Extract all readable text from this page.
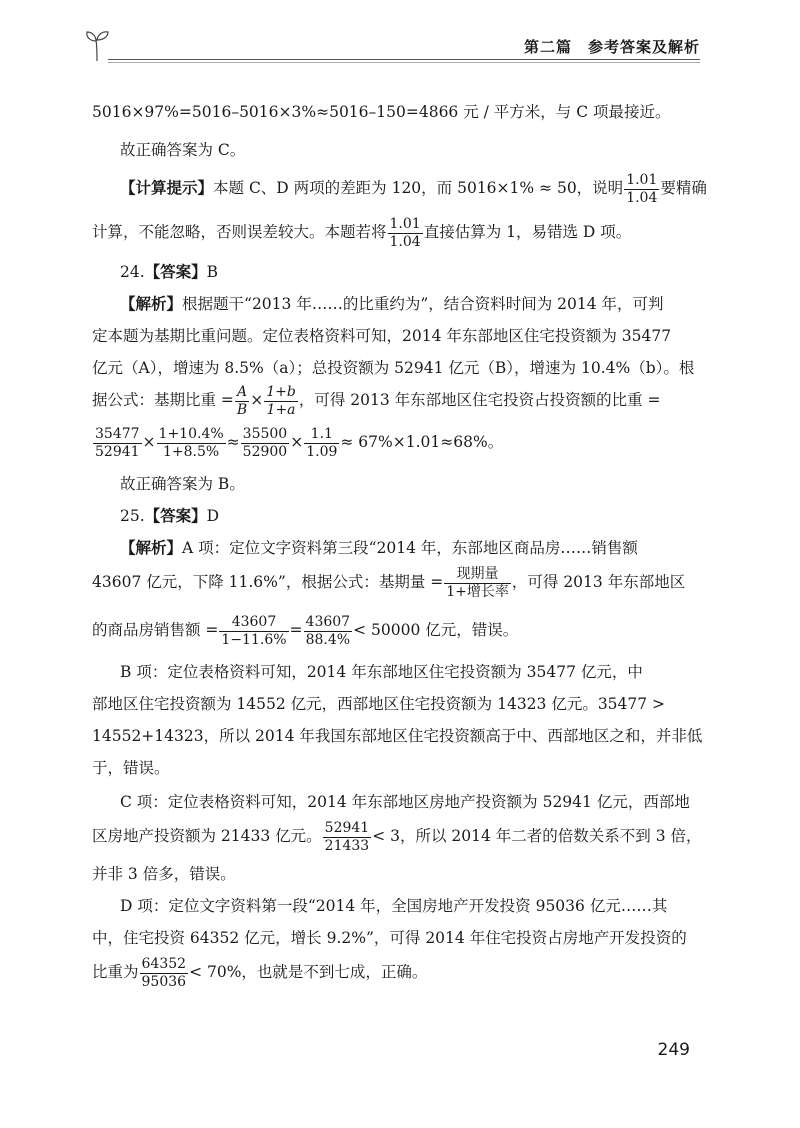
第二篇　参考答案及解析

5016×97%=5016–5016×3%≈5016–150=4866 元 / 平方米，与 C 项最接近。

故正确答案为 C。

【计算提示】本题 C、D 两项的差距为 120，而 5016×1% ≈ 50，说明 $\frac{1.01}{1.04}$ 要精确

计算，不能忽略，否则误差较大。本题若将 $\frac{1.01}{1.04}$ 直接估算为 1，易错选 D 项。

24.【答案】B

【解析】根据题干“2013 年……的比重约为”，结合资料时间为 2014 年，可判

定本题为基期比重问题。定位表格资料可知，2014 年东部地区住宅投资额为 35477

亿元（A），增速为 8.5%（a）；总投资额为 52941 亿元（B），增速为 10.4%（b）。根

据公式：基期比重 = $\frac{A}{B} \times \frac{1+b}{1+a}$ ，可得 2013 年东部地区住宅投资占投资额的比重 =

$\frac{35477}{52941} \times \frac{1+10.4\%}{1+8.5\%} \approx \frac{35500}{52900} \times \frac{1.1}{1.09} \approx 67\%\times 1.01\approx 68\%$。

故正确答案为 B。

25.【答案】D

【解析】A 项：定位文字资料第三段“2014 年，东部地区商品房……销售额

43607 亿元，下降 11.6%”，根据公式：基期量 = $\frac{\text{现期量}}{\text{1+增长率}}$ ，可得 2013 年东部地区

的商品房销售额 = $\frac{43607}{1-11.6\%} = \frac{43607}{88.4\%} < 50000$ 亿元，错误。

B 项：定位表格资料可知，2014 年东部地区住宅投资额为 35477 亿元，中

部地区住宅投资额为 14552 亿元，西部地区住宅投资额为 14323 亿元。35477 >

14552+14323，所以 2014 年我国东部地区住宅投资额高于中、西部地区之和，并非低

于，错误。

C 项：定位表格资料可知，2014 年东部地区房地产投资额为 52941 亿元，西部地

区房地产投资额为 21433 亿元。 $\frac{52941}{21433} < 3$，所以 2014 年二者的倍数关系不到 3 倍，

并非 3 倍多，错误。

D 项：定位文字资料第一段“2014 年，全国房地产开发投资 95036 亿元……其

中，住宅投资 64352 亿元，增长 9.2%”，可得 2014 年住宅投资占房地产开发投资的

比重为 $\frac{64352}{95036} < 70\%$，也就是不到七成，正确。

249
